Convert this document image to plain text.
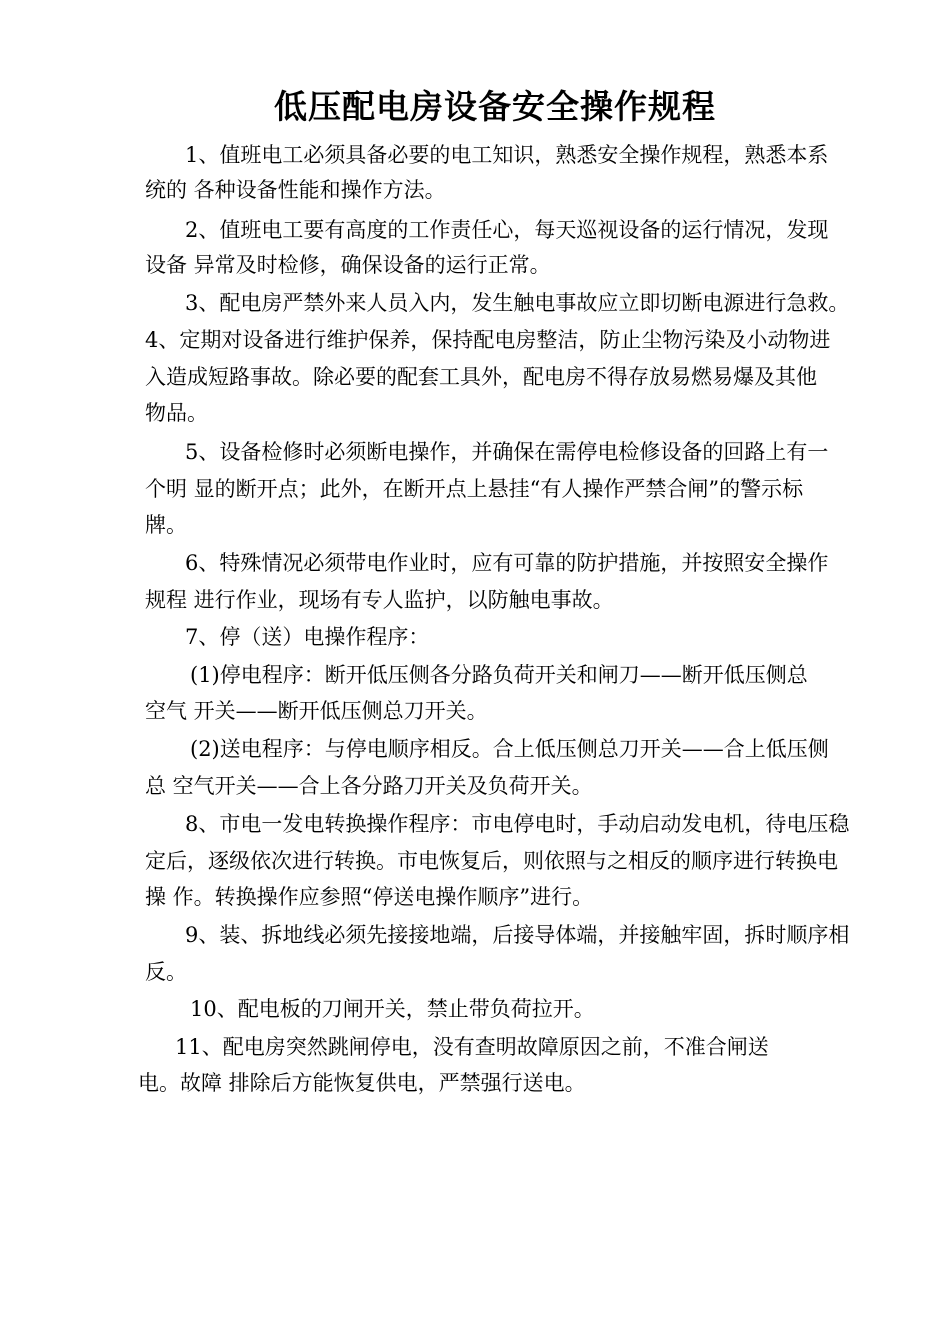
低压配电房设备安全操作规程
1、值班电工必须具备必要的电工知识，熟悉安全操作规程，熟悉本系
统的 各种设备性能和操作方法。
2、值班电工要有高度的工作责任心，每天巡视设备的运行情况，发现
设备 异常及时检修，确保设备的运行正常。
3、配电房严禁外来人员入内，发生触电事故应立即切断电源进行急救。
4、定期对设备进行维护保养，保持配电房整洁，防止尘物污染及小动物进
入造成短路事故。除必要的配套工具外，配电房不得存放易燃易爆及其他
物品。
5、设备检修时必须断电操作，并确保在需停电检修设备的回路上有一
个明 显的断开点；此外，在断开点上悬挂“有人操作严禁合闸”的警示标
牌。
6、特殊情况必须带电作业时，应有可靠的防护措施，并按照安全操作
规程 进行作业，现场有专人监护，以防触电事故。
7、停（送）电操作程序：
(1)停电程序：断开低压侧各分路负荷开关和闸刀——断开低压侧总
空气 开关——断开低压侧总刀开关。
(2)送电程序：与停电顺序相反。合上低压侧总刀开关——合上低压侧
总 空气开关——合上各分路刀开关及负荷开关。
8、市电一发电转换操作程序：市电停电时，手动启动发电机，待电压稳
定后，逐级依次进行转换。市电恢复后，则依照与之相反的顺序进行转换电
操 作。转换操作应参照“停送电操作顺序”进行。
9、装、拆地线必须先接接地端，后接导体端，并接触牢固，拆时顺序相
反。
10、配电板的刀闸开关，禁止带负荷拉开。
11、配电房突然跳闸停电，没有查明故障原因之前，不准合闸送
电。故障 排除后方能恢复供电，严禁强行送电。
